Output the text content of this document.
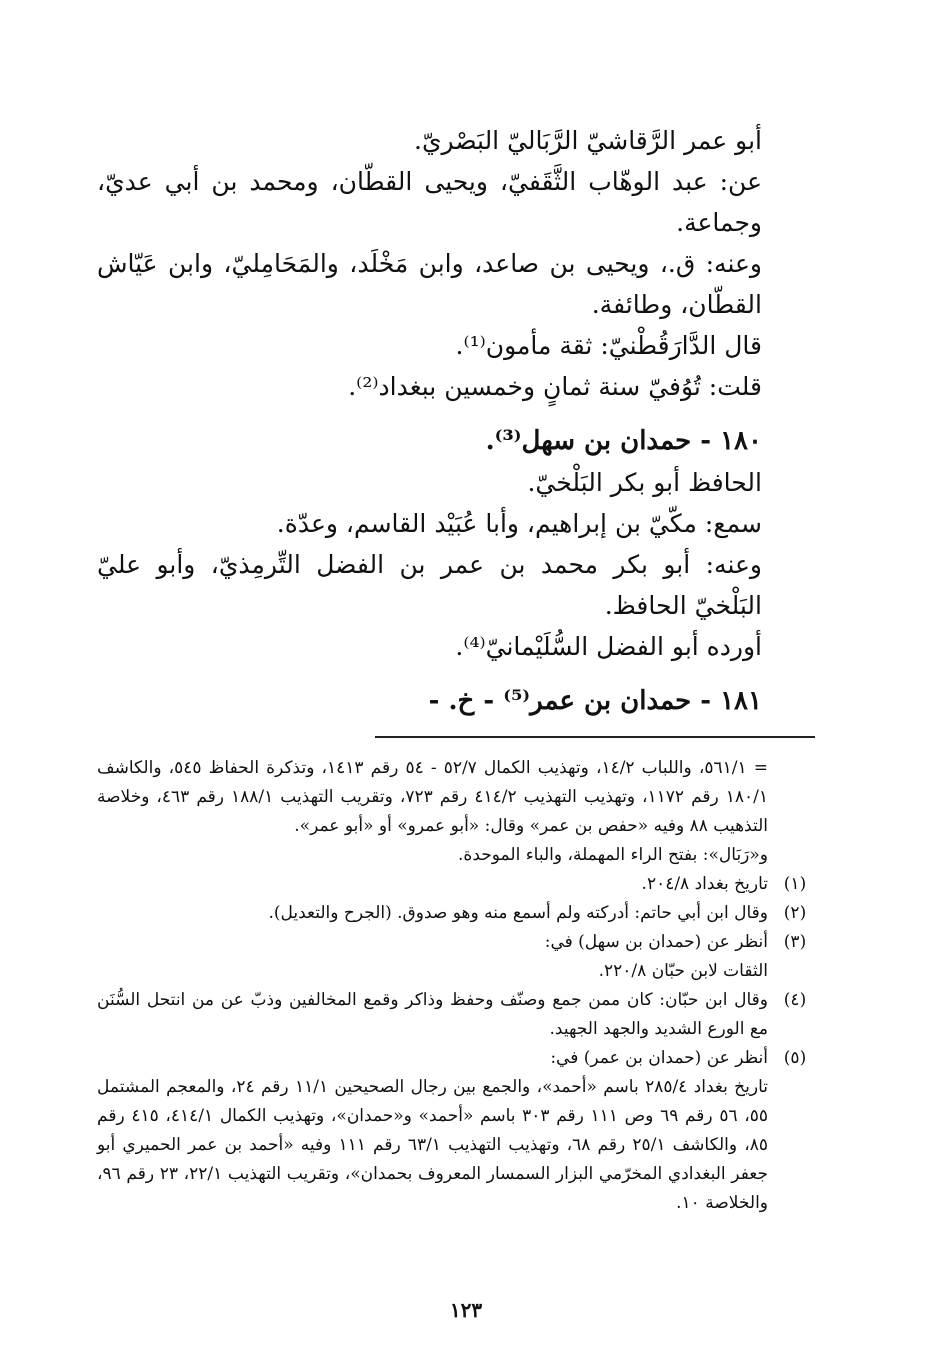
أبو عمر الرَّقاشيّ الرَّبَاليّ البَصْريّ.

عن: عبد الوهّاب الثَّقَفيّ، ويحيى القطّان، ومحمد بن أبي عديّ، وجماعة.

وعنه: ق.، ويحيى بن صاعد، وابن مَخْلَد، والمَحَامِليّ، وابن عَيّاش القطّان، وطائفة.

قال الدَّارَقُطْنيّ: ثقة مأمون⁽¹⁾.

قلت: تُوُفيّ سنة ثمانٍ وخمسين ببغداد⁽²⁾.

١٨٠ - حمدان بن سهل⁽³⁾.

الحافظ أبو بكر البَلْخيّ.

سمع: مكّيّ بن إبراهيم، وأبا عُبَيْد القاسم، وعدّة.

وعنه: أبو بكر محمد بن عمر بن الفضل التِّرمِذيّ، وأبو عليّ البَلْخيّ الحافظ.

أورده أبو الفضل السُّلَيْمانيّ⁽⁴⁾.

١٨١ - حمدان بن عمر⁽⁵⁾ - خ. -

= ٥٦١/١، واللباب ١٤/٢، وتهذيب الكمال ٥٢/٧ - ٥٤ رقم ١٤١٣، وتذكرة الحفاظ ٥٤٥، والكاشف ١٨٠/١ رقم ١١٧٢، وتهذيب التهذيب ٤١٤/٢ رقم ٧٢٣، وتقريب التهذيب ١٨٨/١ رقم ٤٦٣، وخلاصة التذهيب ٨٨ وفيه «حفص بن عمر» وقال: «أبو عمرو» أو «أبو عمر».

و«رَبَال»: بفتح الراء المهملة، والباء الموحدة.

(١)
تاريخ بغداد ٢٠٤/٨.

(٢)
وقال ابن أبي حاتم: أدركته ولم أسمع منه وهو صدوق. (الجرح والتعديل).

(٣)
أنظر عن (حمدان بن سهل) في:
الثقات لابن حبّان ٢٢٠/٨.

(٤)
وقال ابن حبّان: كان ممن جمع وصنّف وحفظ وذاكر وقمع المخالفين وذبّ عن من انتحل السُّنَن مع الورع الشديد والجهد الجهيد.

(٥)
أنظر عن (حمدان بن عمر) في:
تاريخ بغداد ٢٨٥/٤ باسم «أحمد»، والجمع بين رجال الصحيحين ١١/١ رقم ٢٤، والمعجم المشتمل ٥٥، ٥٦ رقم ٦٩ وص ١١١ رقم ٣٠٣ باسم «أحمد» و«حمدان»، وتهذيب الكمال ٤١٤/١، ٤١٥ رقم ٨٥، والكاشف ٢٥/١ رقم ٦٨، وتهذيب التهذيب ٦٣/١ رقم ١١١ وفيه «أحمد بن عمر الحميري أبو جعفر البغدادي المخرّمي البزار السمسار المعروف بحمدان»، وتقريب التهذيب ٢٢/١، ٢٣ رقم ٩٦، والخلاصة ١٠.

١٢٣
